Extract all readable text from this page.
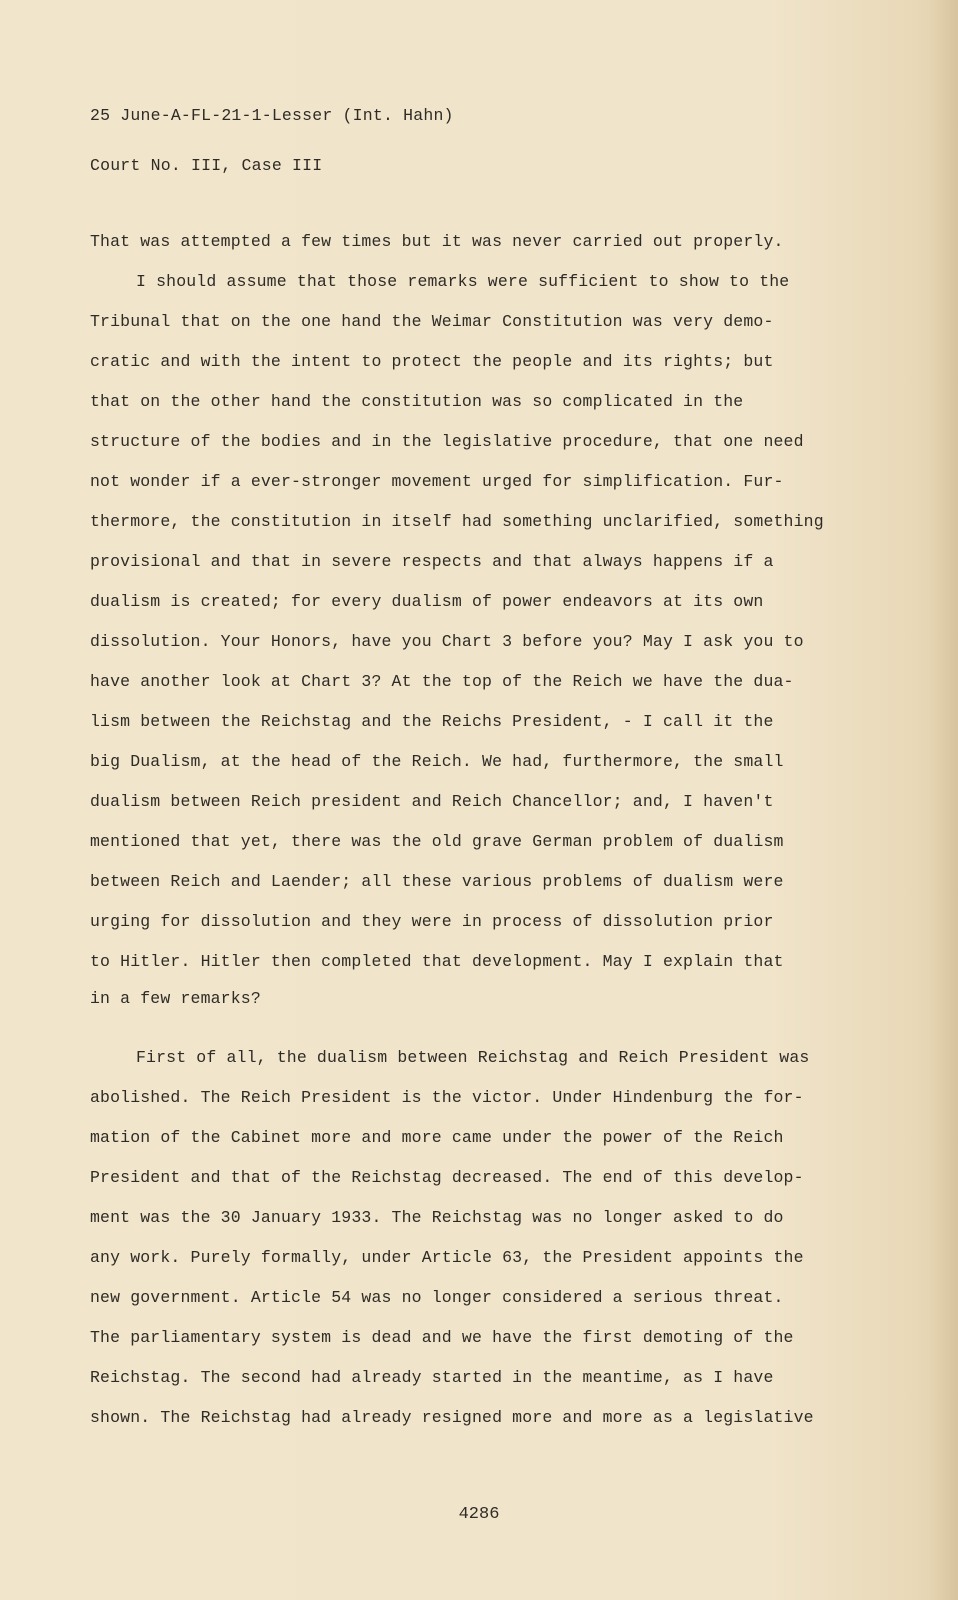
25 June-A-FL-21-1-Lesser (Int. Hahn)
Court No. III, Case III
That was attempted a few times but it was never carried out properly.
I should assume that those remarks were sufficient to show to the
Tribunal that on the one hand the Weimar Constitution was very demo-
cratic and with the intent to protect the people and its rights; but
that on the other hand the constitution was so complicated in the
structure of the bodies and in the legislative procedure, that one need
not wonder if a ever-stronger movement urged for simplification. Fur-
thermore, the constitution in itself had something unclarified, something
provisional and that in severe respects and that always happens if a
dualism is created; for every dualism of power endeavors at its own
dissolution. Your Honors, have you Chart 3 before you? May I ask you to
have another look at Chart 3? At the top of the Reich we have the dua-
lism between the Reichstag and the Reichs President, - I call it the
big Dualism, at the head of the Reich. We had, furthermore, the small
dualism between Reich president and Reich Chancellor; and, I haven't
mentioned that yet, there was the old grave German problem of dualism
between Reich and Laender; all these various problems of dualism were
urging for dissolution and they were in process of dissolution prior
to Hitler. Hitler then completed that development. May I explain that
in a few remarks?
First of all, the dualism between Reichstag and Reich President was
abolished. The Reich President is the victor. Under Hindenburg the for-
mation of the Cabinet more and more came under the power of the Reich
President and that of the Reichstag decreased. The end of this develop-
ment was the 30 January 1933. The Reichstag was no longer asked to do
any work. Purely formally, under Article 63, the President appoints the
new government. Article 54 was no longer considered a serious threat.
The parliamentary system is dead and we have the first demoting of the
Reichstag. The second had already started in the meantime, as I have
shown. The Reichstag had already resigned more and more as a legislative
4286
